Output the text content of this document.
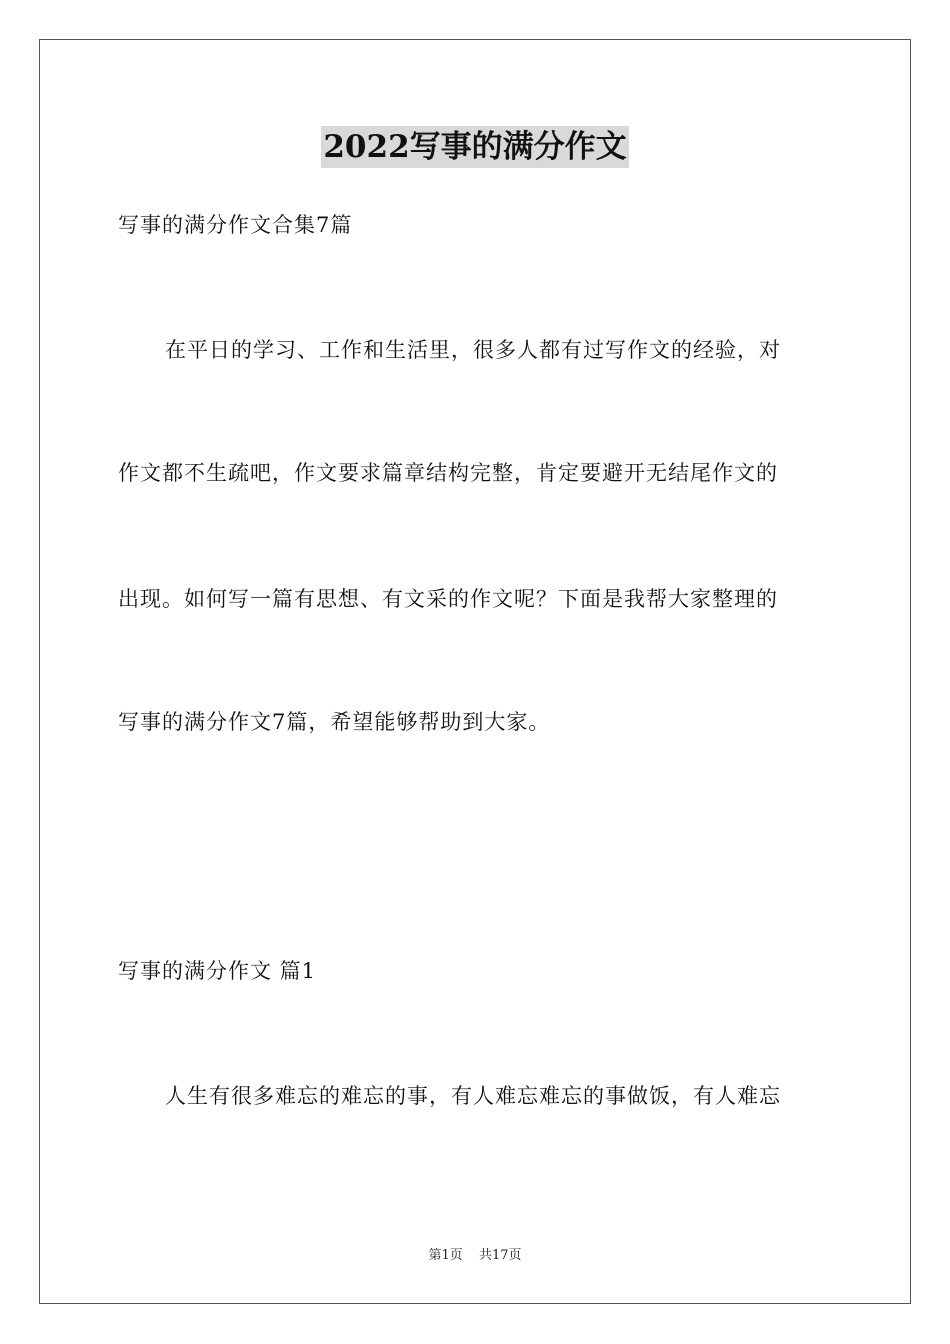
2022写事的满分作文
写事的满分作文合集7篇
在平日的学习、工作和生活里，很多人都有过写作文的经验，对
作文都不生疏吧，作文要求篇章结构完整，肯定要避开无结尾作文的
出现。如何写一篇有思想、有文采的作文呢？下面是我帮大家整理的
写事的满分作文7篇，希望能够帮助到大家。
写事的满分作文 篇1
人生有很多难忘的难忘的事，有人难忘难忘的事做饭，有人难忘
第1页 共17页
